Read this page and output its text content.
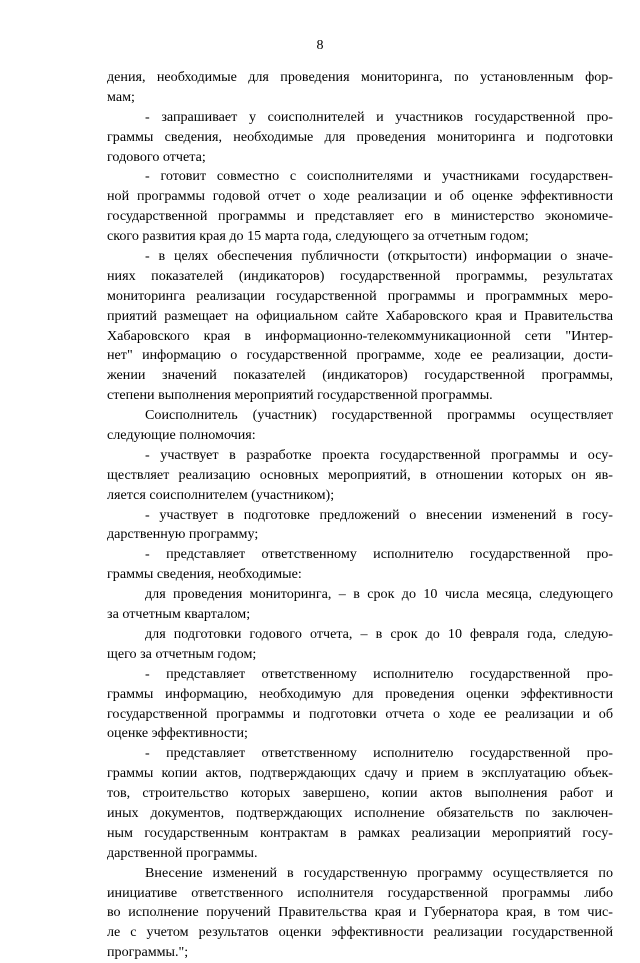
8
дения, необходимые для проведения мониторинга, по установленным фор-
мам;
- запрашивает у соисполнителей и участников государственной про-
граммы сведения, необходимые для проведения мониторинга и подготовки
годового отчета;
- готовит совместно с соисполнителями и участниками государствен-
ной программы годовой отчет о ходе реализации и об оценке эффективности
государственной программы и представляет его в министерство экономиче-
ского развития края до 15 марта года, следующего за отчетным годом;
- в целях обеспечения публичности (открытости) информации о значе-
ниях показателей (индикаторов) государственной программы, результатах
мониторинга реализации государственной программы и программных меро-
приятий размещает на официальном сайте Хабаровского края и Правительства
Хабаровского края в информационно-телекоммуникационной сети "Интер-
нет" информацию о государственной программе, ходе ее реализации, дости-
жении значений показателей (индикаторов) государственной программы,
степени выполнения мероприятий государственной программы.
Соисполнитель (участник) государственной программы осуществляет
следующие полномочия:
- участвует в разработке проекта государственной программы и осу-
ществляет реализацию основных мероприятий, в отношении которых он яв-
ляется соисполнителем (участником);
- участвует в подготовке предложений о внесении изменений в госу-
дарственную программу;
- представляет ответственному исполнителю государственной про-
граммы сведения, необходимые:
для проведения мониторинга, – в срок до 10 числа месяца, следующего
за отчетным кварталом;
для подготовки годового отчета, – в срок до 10 февраля года, следую-
щего за отчетным годом;
- представляет ответственному исполнителю государственной про-
граммы информацию, необходимую для проведения оценки эффективности
государственной программы и подготовки отчета о ходе ее реализации и об
оценке эффективности;
- представляет ответственному исполнителю государственной про-
граммы копии актов, подтверждающих сдачу и прием в эксплуатацию объек-
тов, строительство которых завершено, копии актов выполнения работ и
иных документов, подтверждающих исполнение обязательств по заключен-
ным государственным контрактам в рамках реализации мероприятий госу-
дарственной программы.
Внесение изменений в государственную программу осуществляется по
инициативе ответственного исполнителя государственной программы либо
во исполнение поручений Правительства края и Губернатора края, в том чис-
ле с учетом результатов оценки эффективности реализации государственной
программы.";
